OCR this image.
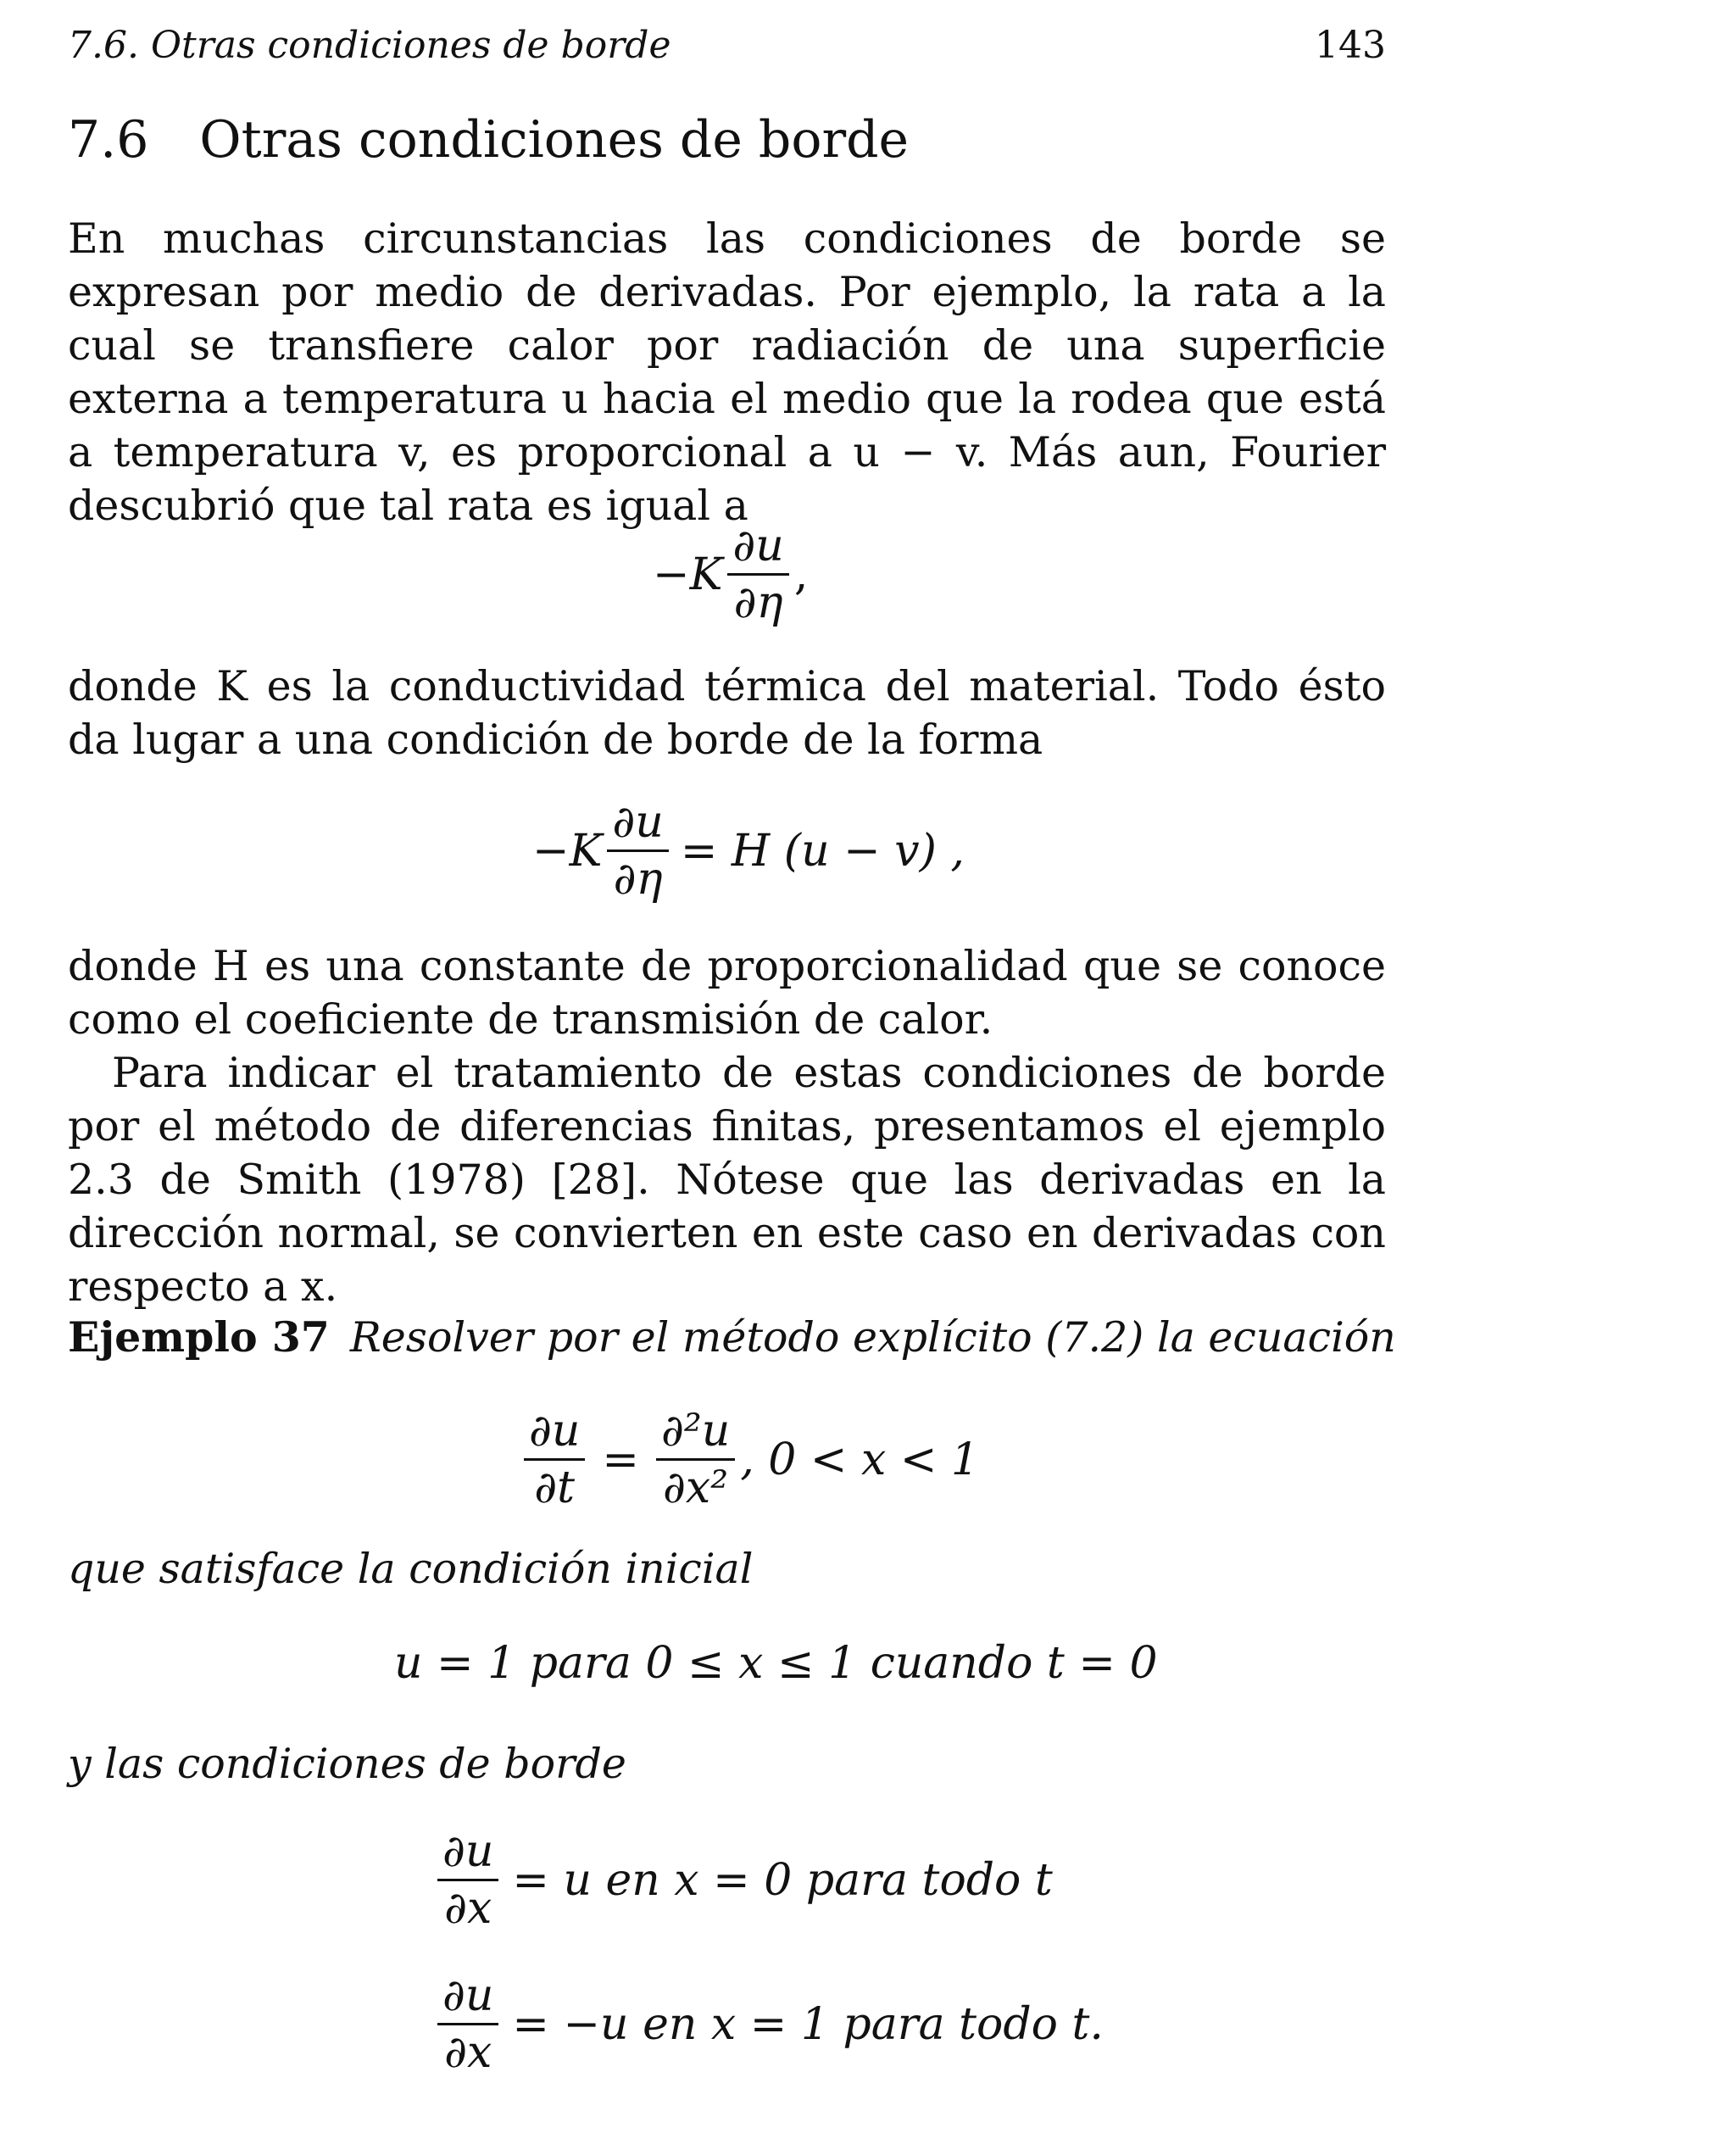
7.6. Otras condiciones de borde	143
7.6 Otras condiciones de borde

En muchas circunstancias las condiciones de borde se expresan por medio de derivadas. Por ejemplo, la rata a la cual se transfiere calor por radiación de una superficie externa a temperatura u hacia el medio que la rodea que está a temperatura v, es proporcional a u − v. Más aun, Fourier descubrió que tal rata es igual a

$-K \frac{\partial u}{\partial\eta}$ ,

donde K es la conductividad térmica del material. Todo ésto da lugar a una condición de borde de la forma

$-K \frac{\partial u}{\partial\eta} = H$ (u − v) ,

donde H es una constante de proporcionalidad que se conoce como el coeficiente de transmisión de calor.

Para indicar el tratamiento de estas condiciones de borde por el método de diferencias finitas, presentamos el ejemplo 2.3 de Smith (1978) [28]. Nótese que las derivadas en la dirección normal, se convierten en este caso en derivadas con respecto a x.

Ejemplo 37 Resolver por el método explícito (7.2) la ecuación
$\frac{\partial u}{\partial t} = \frac{\text{∂²u}}{\text{∂x²}}$ , 0 < x < 1
que satisface la condición inicial
u = 1 para 0 ≤ x ≤ 1 cuando t = 0
y las condiciones de borde
$\frac{\partial u}{\partial x} = u$ en x = 0 para todo t
$\frac{\partial u}{\partial x} = -u$ en x = 1 para todo t.
